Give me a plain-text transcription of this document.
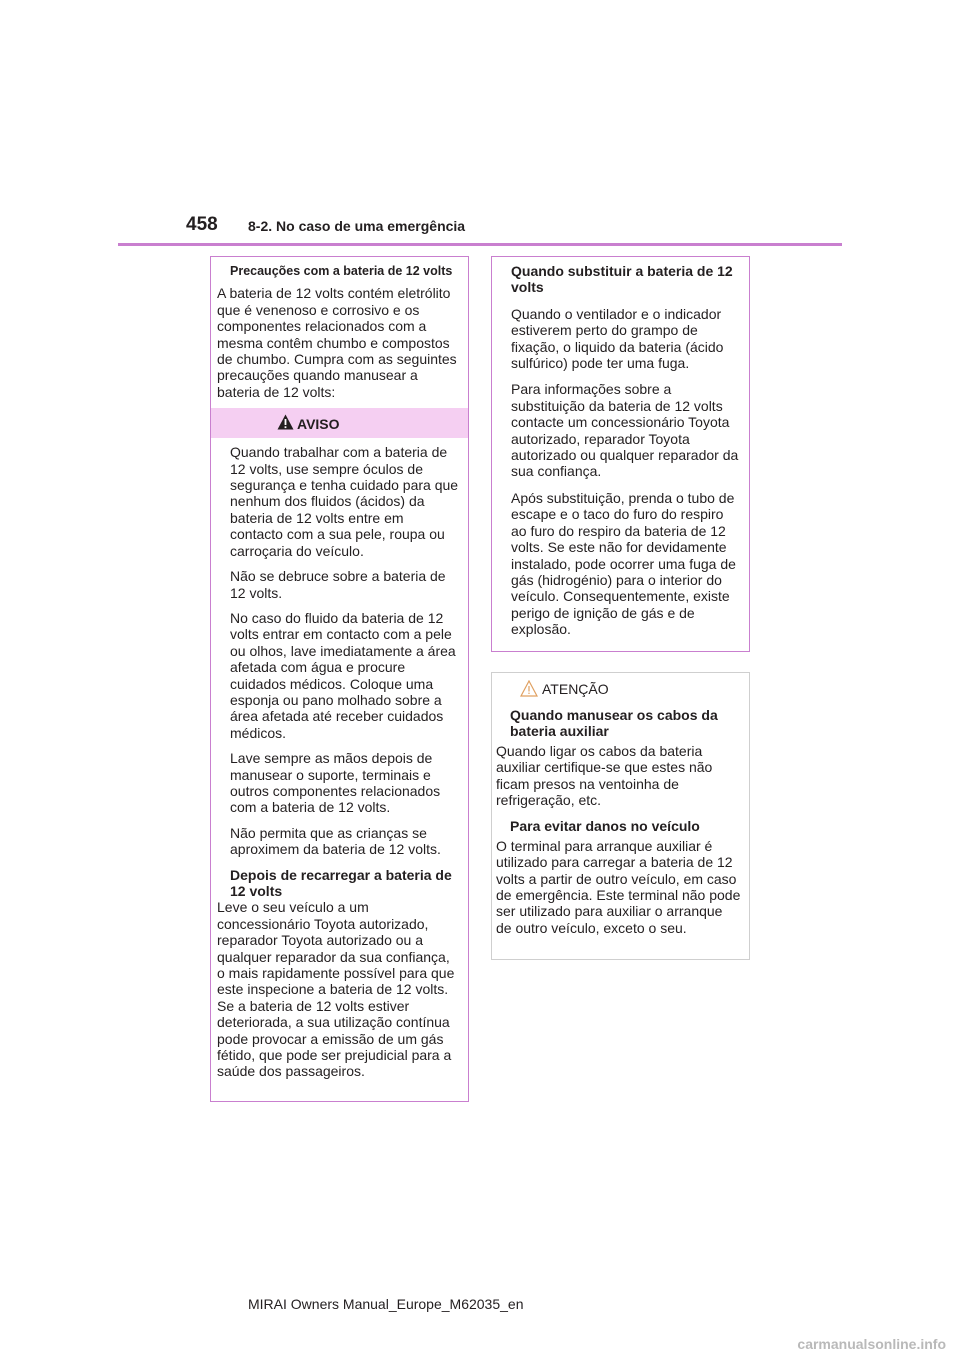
458 8-2. No caso de uma emergência

Precauções com a bateria de 12 volts

A bateria de 12 volts contém eletrólito que é venenoso e corrosivo e os componentes relacionados com a mesma contêm chumbo e compostos de chumbo. Cumpra com as seguintes precauções quando manusear a bateria de 12 volts:

AVISO

Quando trabalhar com a bateria de 12 volts, use sempre óculos de segurança e tenha cuidado para que nenhum dos fluidos (ácidos) da bateria de 12 volts entre em contacto com a sua pele, roupa ou carroçaria do veículo.

Não se debruce sobre a bateria de 12 volts.

No caso do fluido da bateria de 12 volts entrar em contacto com a pele ou olhos, lave imediatamente a área afetada com água e procure cuidados médicos. Coloque uma esponja ou pano molhado sobre a área afetada até receber cuidados médicos.

Lave sempre as mãos depois de manusear o suporte, terminais e outros componentes relacionados com a bateria de 12 volts.

Não permita que as crianças se aproximem da bateria de 12 volts.

Depois de recarregar a bateria de 12 volts

Leve o seu veículo a um concessionário Toyota autorizado, reparador Toyota autorizado ou a qualquer reparador da sua confiança, o mais rapidamente possível para que este inspecione a bateria de 12 volts. Se a bateria de 12 volts estiver deteriorada, a sua utilização contínua pode provocar a emissão de um gás fétido, que pode ser prejudicial para a saúde dos passageiros.

Quando substituir a bateria de 12 volts

Quando o ventilador e o indicador estiverem perto do grampo de fixação, o liquido da bateria (ácido sulfúrico) pode ter uma fuga.

Para informações sobre a substituição da bateria de 12 volts contacte um concessionário Toyota autorizado, reparador Toyota autorizado ou qualquer reparador da sua confiança.

Após substituição, prenda o tubo de escape e o taco do furo do respiro ao furo do respiro da bateria de 12 volts. Se este não for devidamente instalado, pode ocorrer uma fuga de gás (hidrogénio) para o interior do veículo. Consequentemente, existe perigo de ignição de gás e de explosão.

ATENÇÃO

Quando manusear os cabos da bateria auxiliar

Quando ligar os cabos da bateria auxiliar certifique-se que estes não ficam presos na ventoinha de refrigeração, etc.

Para evitar danos no veículo

O terminal para arranque auxiliar é utilizado para carregar a bateria de 12 volts a partir de outro veículo, em caso de emergência. Este terminal não pode ser utilizado para auxiliar o arranque de outro veículo, exceto o seu.

MIRAI Owners Manual_Europe_M62035_en
carmanualsonline.info
